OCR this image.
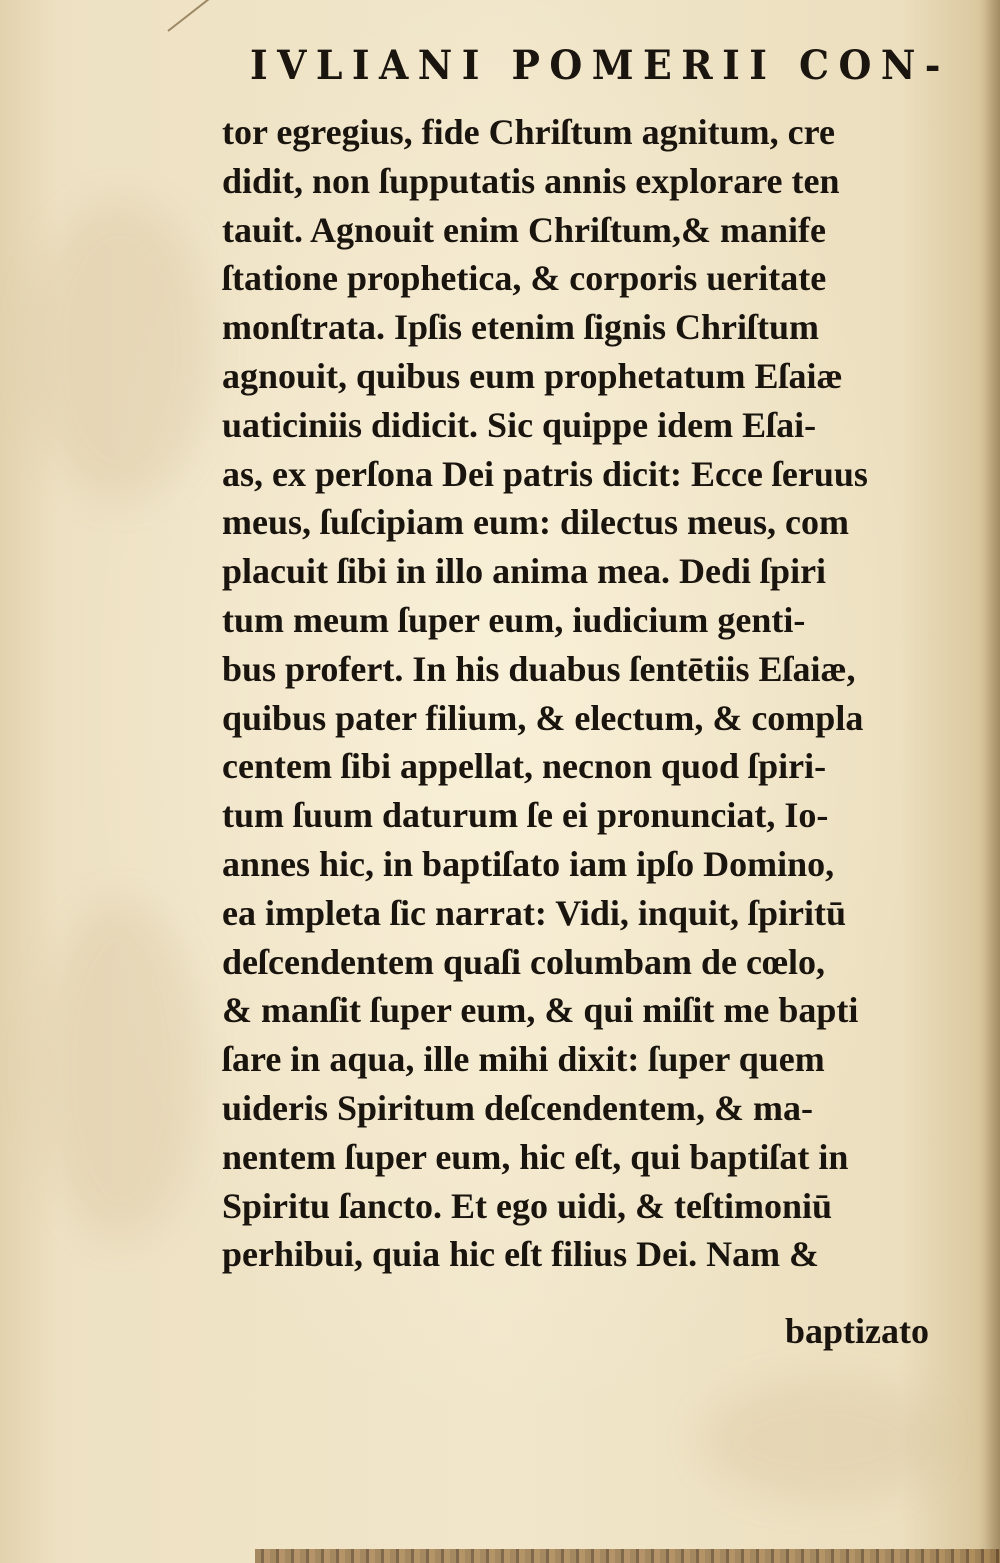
IVLIANI POMERII CON-
tor egregius, fide Chriſtum agnitum, cre
didit, non ſupputatis annis explorare ten
tauit. Agnouit enim Chriſtum,& manife
ſtatione prophetica, & corporis ueritate
monſtrata. Ipſis etenim ſignis Chriſtum
agnouit, quibus eum prophetatum Eſaiæ
uaticiniis didicit. Sic quippe idem Eſai-
as, ex perſona Dei patris dicit: Ecce ſeruus
meus, ſuſcipiam eum: dilectus meus, com
placuit ſibi in illo anima mea. Dedi ſpiri
tum meum ſuper eum, iudicium genti-
bus profert. In his duabus ſentētiis Eſaiæ,
quibus pater filium, & electum, & compla
centem ſibi appellat, necnon quod ſpiri-
tum ſuum daturum ſe ei pronunciat, Io-
annes hic, in baptiſato iam ipſo Domino,
ea impleta ſic narrat: Vidi, inquit, ſpiritū
deſcendentem quaſi columbam de cœlo,
& manſit ſuper eum, & qui miſit me bapti
ſare in aqua, ille mihi dixit: ſuper quem
uideris Spiritum deſcendentem, & ma-
nentem ſuper eum, hic eſt, qui baptiſat in
Spiritu ſancto. Et ego uidi, & teſtimoniū
perhibui, quia hic eſt filius Dei. Nam &
baptizato
